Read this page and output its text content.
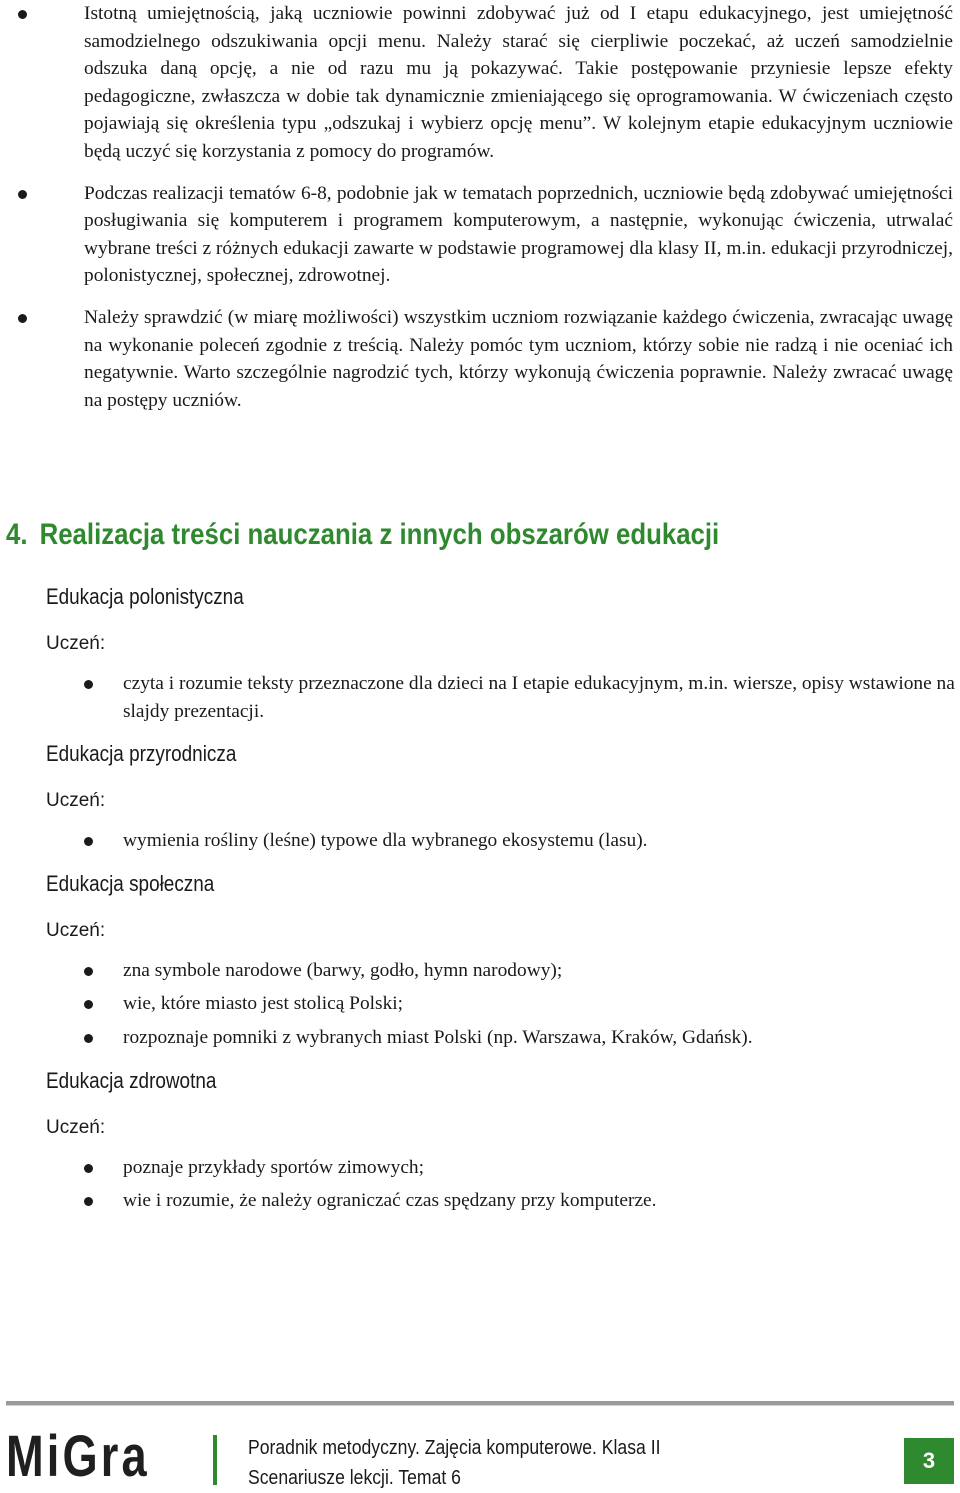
Istotną umiejętnością, jaką uczniowie powinni zdobywać już od I etapu edukacyjnego, jest umiejętność samodzielnego odszukiwania opcji menu. Należy starać się cierpliwie poczekać, aż uczeń samodzielnie odszuka daną opcję, a nie od razu mu ją pokazywać. Takie postępowanie przyniesie lepsze efekty pedagogiczne, zwłaszcza w dobie tak dynamicznie zmieniającego się oprogramowania. W ćwiczeniach często pojawiają się określenia typu „odszukaj i wybierz opcję menu”. W kolejnym etapie edukacyjnym uczniowie będą uczyć się korzystania z pomocy do programów.
Podczas realizacji tematów 6-8, podobnie jak w tematach poprzednich, uczniowie będą zdobywać umiejętności posługiwania się komputerem i programem komputerowym, a następnie, wykonując ćwiczenia, utrwalać wybrane treści z różnych edukacji zawarte w podstawie programowej dla klasy II, m.in. edukacji przyrodniczej, polonistycznej, społecznej, zdrowotnej.
Należy sprawdzić (w miarę możliwości) wszystkim uczniom rozwiązanie każdego ćwiczenia, zwracając uwagę na wykonanie poleceń zgodnie z treścią. Należy pomóc tym uczniom, którzy sobie nie radzą i nie oceniać ich negatywnie. Warto szczególnie nagrodzić tych, którzy wykonują ćwiczenia poprawnie. Należy zwracać uwagę na postępy uczniów.
4. Realizacja treści nauczania z innych obszarów edukacji
Edukacja polonistyczna
Uczeń:
czyta i rozumie teksty przeznaczone dla dzieci na I etapie edukacyjnym, m.in. wiersze, opisy wstawione na slajdy prezentacji.
Edukacja przyrodnicza
Uczeń:
wymienia rośliny (leśne) typowe dla wybranego ekosystemu (lasu).
Edukacja społeczna
Uczeń:
zna symbole narodowe (barwy, godło, hymn narodowy);
wie, które miasto jest stolicą Polski;
rozpoznaje pomniki z wybranych miast Polski (np. Warszawa, Kraków, Gdańsk).
Edukacja zdrowotna
Uczeń:
poznaje przykłady sportów zimowych;
wie i rozumie, że należy ograniczać czas spędzany przy komputerze.
MiGra	Poradnik metodyczny. Zajęcia komputerowe. Klasa II
Scenariusze lekcji. Temat 6
3
